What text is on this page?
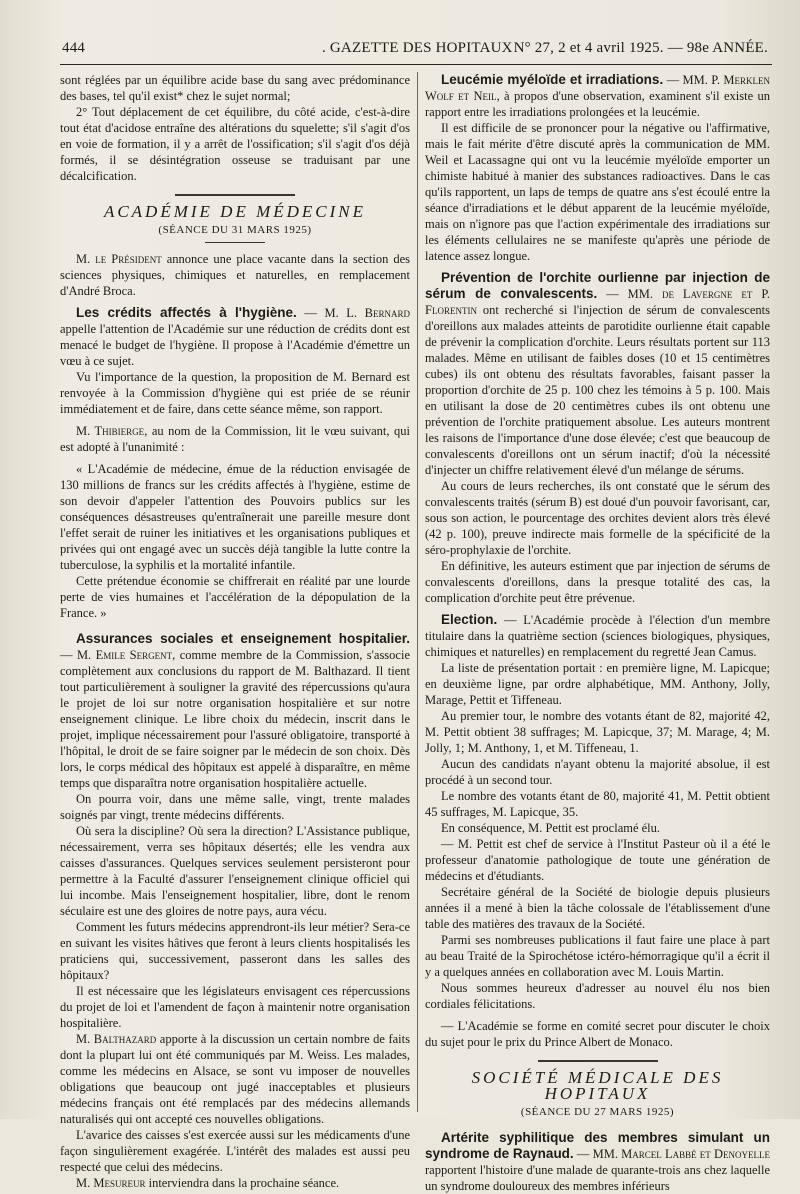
444	. GAZETTE DES HOPITAUX N° 27, 2 et 4 avril 1925. — 98e ANNÉE.

sont réglées par un équilibre acide base du sang avec prédominance des bases, tel qu'il exist* chez le sujet normal;

2° Tout déplacement de cet équilibre, du côté acide, c'est-à-dire tout état d'acidose entraîne des altérations du squelette; s'il s'agit d'os en voie de formation, il y a arrêt de l'ossification; s'il s'agit d'os déjà formés, il se désintégration osseuse se traduisant par une décalcification.

ACADÉMIE DE MÉDECINE
(SÉANCE DU 31 MARS 1925)

M. le Président annonce une place vacante dans la section des sciences physiques, chimiques et naturelles, en remplacement d'André Broca.

Les crédits affectés à l'hygiène. — M. L. Bernard appelle l'attention de l'Académie sur une réduction de crédits dont est menacé le budget de l'hygiène. Il propose à l'Académie d'émettre un vœu à ce sujet.

Vu l'importance de la question, la proposition de M. Bernard est renvoyée à la Commission d'hygiène qui est priée de se réunir immédiatement et de faire, dans cette séance même, son rapport.

M. Thibierge, au nom de la Commission, lit le vœu suivant, qui est adopté à l'unanimité :

« L'Académie de médecine, émue de la réduction envisagée de 130 millions de francs sur les crédits affectés à l'hygiène, estime de son devoir d'appeler l'attention des Pouvoirs publics sur les conséquences désastreuses qu'entraînerait une pareille mesure dont l'effet serait de ruiner les initiatives et les organisations publiques et privées qui ont engagé avec un succès déjà tangible la lutte contre la tuberculose, la syphilis et la mortalité infantile.

Cette prétendue économie se chiffrerait en réalité par une lourde perte de vies humaines et l'accélération de la dépopulation de la France. »

Assurances sociales et enseignement hospitalier. — M. Emile Sergent, comme membre de la Commission, s'associe complètement aux conclusions du rapport de M. Balthazard. Il tient tout particulièrement à souligner la gravité des répercussions qu'aura le projet de loi sur notre organisation hospitalière et sur notre enseignement clinique. Le libre choix du médecin, inscrit dans le projet, implique nécessairement pour l'assuré obligatoire, transporté à l'hôpital, le droit de se faire soigner par le médecin de son choix. Dès lors, le corps médical des hôpitaux est appelé à disparaître, en même temps que disparaîtra notre organisation hospitalière actuelle.

On pourra voir, dans une même salle, vingt, trente malades soignés par vingt, trente médecins différents.

Où sera la discipline? Où sera la direction? L'Assistance publique, nécessairement, verra ses hôpitaux désertés; elle les vendra aux caisses d'assurances. Quelques services seulement persisteront pour permettre à la Faculté d'assurer l'enseignement clinique officiel qui lui incombe. Mais l'enseignement hospitalier, libre, dont le renom séculaire est une des gloires de notre pays, aura vécu.

Comment les futurs médecins apprendront-ils leur métier? Sera-ce en suivant les visites hâtives que feront à leurs clients hospitalisés les praticiens qui, successivement, passeront dans les salles des hôpitaux?

Il est nécessaire que les législateurs envisagent ces répercussions du projet de loi et l'amendent de façon à maintenir notre organisation hospitalière.

M. Balthazard apporte à la discussion un certain nombre de faits dont la plupart lui ont été communiqués par M. Weiss. Les malades, comme les médecins en Alsace, se sont vu imposer de nouvelles obligations que beaucoup ont jugé inacceptables et plusieurs médecins français ont été remplacés par des médecins allemands naturalisés qui ont accepté ces nouvelles obligations.

L'avarice des caisses s'est exercée aussi sur les médicaments d'une façon singulièrement exagérée. L'intérêt des malades est aussi peu respecté que celui des médecins.

M. Mesureur interviendra dans la prochaine séance.

Leucémie myéloïde et irradiations. — MM. P. Merklen Wolf et Neil, à propos d'une observation, examinent s'il existe un rapport entre les irradiations prolongées et la leucémie.

Il est difficile de se prononcer pour la négative ou l'affirmative, mais le fait mérite d'être discuté après la communication de MM. Weil et Lacassagne qui ont vu la leucémie myéloïde emporter un chimiste habitué à manier des substances radioactives. Dans le cas qu'ils rapportent, un laps de temps de quatre ans s'est écoulé entre la séance d'irradiations et le début apparent de la leucémie myéloïde, mais on n'ignore pas que l'action expérimentale des irradiations sur les éléments cellulaires ne se manifeste qu'après une période de latence assez longue.

Prévention de l'orchite ourlienne par injection de sérum de convalescents. — MM. de Lavergne et P. Florentin ont recherché si l'injection de sérum de convalescents d'oreillons aux malades atteints de parotidite ourlienne était capable de prévenir la complication d'orchite. Leurs résultats portent sur 113 malades. Même en utilisant de faibles doses (10 et 15 centimètres cubes) ils ont obtenu des résultats favorables, faisant passer la proportion d'orchite de 25 p. 100 chez les témoins à 5 p. 100. Mais en utilisant la dose de 20 centimètres cubes ils ont obtenu une prévention de l'orchite pratiquement absolue. Les auteurs montrent les raisons de l'importance d'une dose élevée; c'est que beaucoup de convalescents d'oreillons ont un sérum inactif; d'où la nécessité d'injecter un chiffre relativement élevé d'un mélange de sérums.

Au cours de leurs recherches, ils ont constaté que le sérum des convalescents traités (sérum B) est doué d'un pouvoir favorisant, car, sous son action, le pourcentage des orchites devient alors très élevé (42 p. 100), preuve indirecte mais formelle de la spécificité de la séro-prophylaxie de l'orchite.

En définitive, les auteurs estiment que par injection de sérums de convalescents d'oreillons, dans la presque totalité des cas, la complication d'orchite peut être prévenue.

Election. — L'Académie procède à l'élection d'un membre titulaire dans la quatrième section (sciences biologiques, physiques, chimiques et naturelles) en remplacement du regretté Jean Camus.

La liste de présentation portait : en première ligne, M. Lapicque; en deuxième ligne, par ordre alphabétique, MM. Anthony, Jolly, Marage, Pettit et Tiffeneau.

Au premier tour, le nombre des votants étant de 82, majorité 42, M. Pettit obtient 38 suffrages; M. Lapicque, 37; M. Marage, 4; M. Jolly, 1; M. Anthony, 1, et M. Tiffeneau, 1.

Aucun des candidats n'ayant obtenu la majorité absolue, il est procédé à un second tour.

Le nombre des votants étant de 80, majorité 41, M. Pettit obtient 45 suffrages, M. Lapicque, 35.

En conséquence, M. Pettit est proclamé élu.

— M. Pettit est chef de service à l'Institut Pasteur où il a été le professeur d'anatomie pathologique de toute une génération de médecins et d'étudiants.

Secrétaire général de la Société de biologie depuis plusieurs années il a mené à bien la tâche colossale de l'établissement d'une table des matières des travaux de la Société.

Parmi ses nombreuses publications il faut faire une place à part au beau Traité de la Spirochétose ictéro-hémorragique qu'il a écrit il y a quelques années en collaboration avec M. Louis Martin.

Nous sommes heureux d'adresser au nouvel élu nos bien cordiales félicitations.

— L'Académie se forme en comité secret pour discuter le choix du sujet pour le prix du Prince Albert de Monaco.

SOCIÉTÉ MÉDICALE DES HOPITAUX
(SÉANCE DU 27 MARS 1925)

Artérite syphilitique des membres simulant un syndrome de Raynaud. — MM. Marcel Labbé et Denoyelle rapportent l'histoire d'une malade de quarante-trois ans chez laquelle un syndrome douloureux des membres inférieurs
